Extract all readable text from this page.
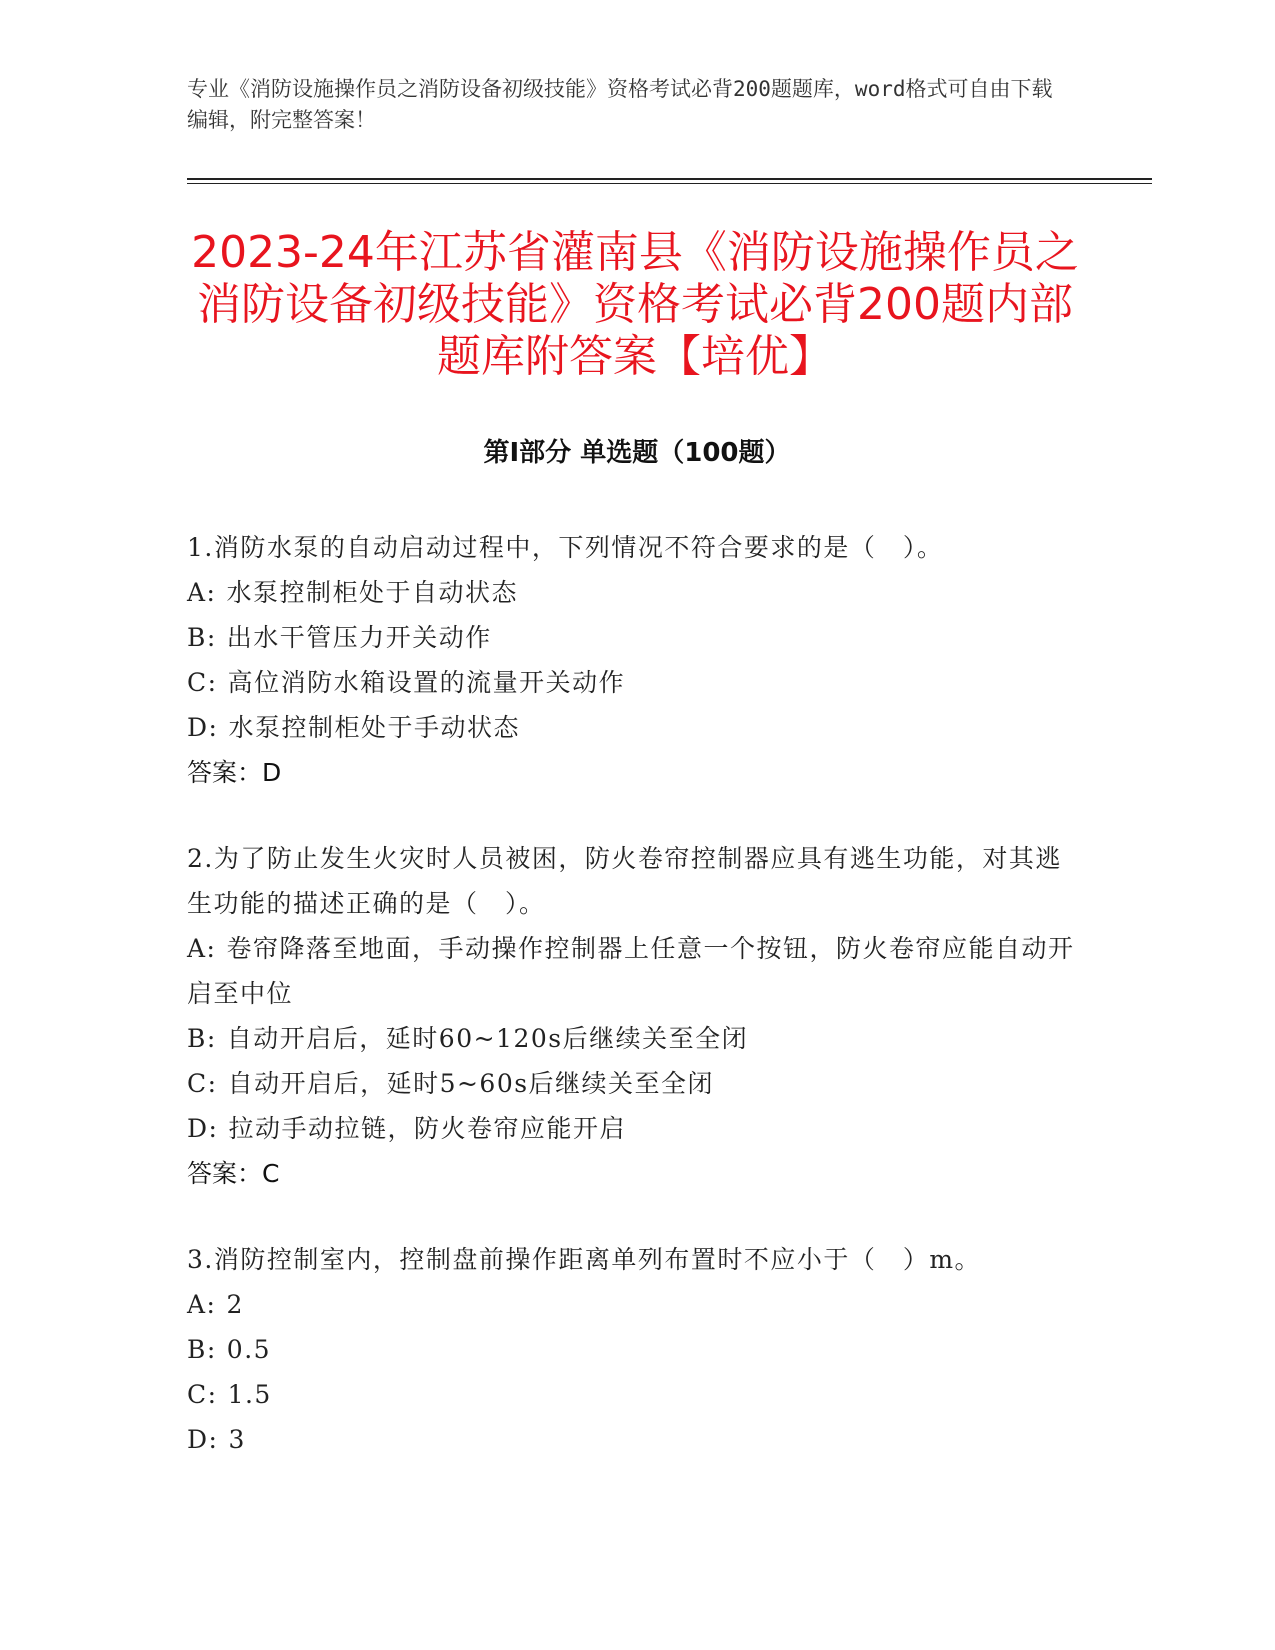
专业《消防设施操作员之消防设备初级技能》资格考试必背200题题库，word格式可自由下载编辑，附完整答案！

2023-24年江苏省灌南县《消防设施操作员之消防设备初级技能》资格考试必背200题内部题库附答案【培优】
第Ⅰ部分 单选题（100题）

1.消防水泵的自动启动过程中，下列情况不符合要求的是（　）。

A: 水泵控制柜处于自动状态

B: 出水干管压力开关动作

C: 高位消防水箱设置的流量开关动作

D: 水泵控制柜处于手动状态

答案：D

2.为了防止发生火灾时人员被困，防火卷帘控制器应具有逃生功能，对其逃生功能的描述正确的是（　）。

A: 卷帘降落至地面，手动操作控制器上任意一个按钮，防火卷帘应能自动开启至中位

B: 自动开启后，延时60~120s后继续关至全闭

C: 自动开启后，延时5~60s后继续关至全闭

D: 拉动手动拉链，防火卷帘应能开启

答案：C

3.消防控制室内，控制盘前操作距离单列布置时不应小于（　）m。

A: 2

B: 0.5

C: 1.5

D: 3
